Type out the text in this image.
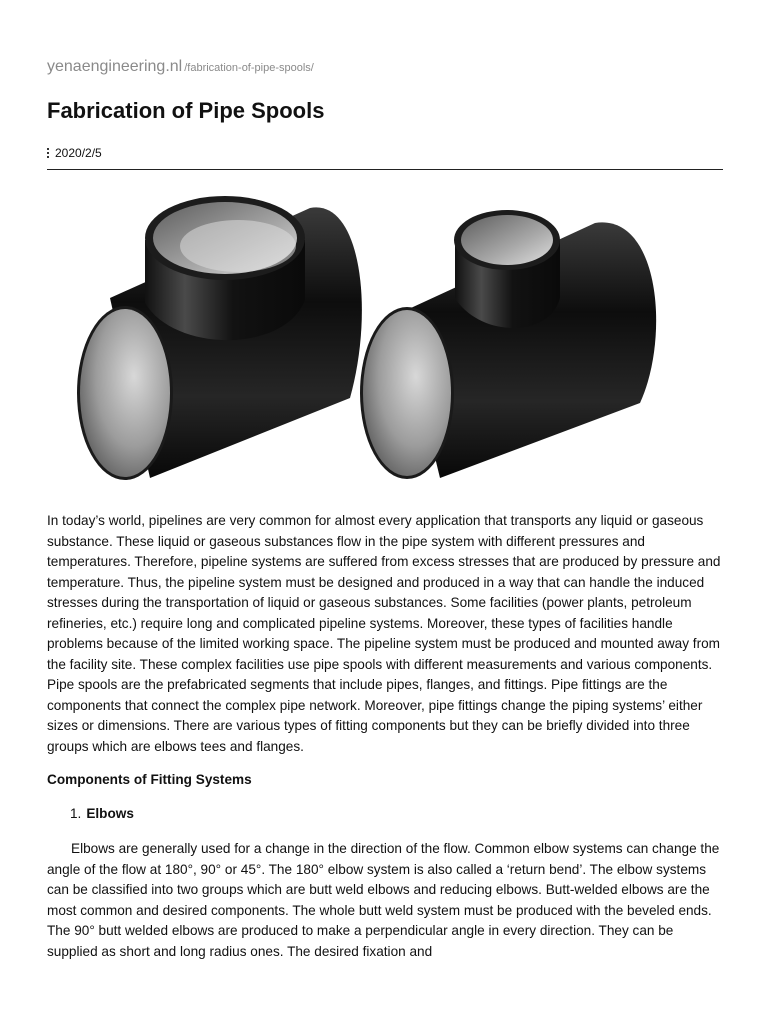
yenaengineering.nl /fabrication-of-pipe-spools/
Fabrication of Pipe Spools
2020/2/5

In today’s world, pipelines are very common for almost every application that transports any liquid or gaseous substance. These liquid or gaseous substances flow in the pipe system with different pressures and temperatures. Therefore, pipeline systems are suffered from excess stresses that are produced by pressure and temperature. Thus, the pipeline system must be designed and produced in a way that can handle the induced stresses during the transportation of liquid or gaseous substances. Some facilities (power plants, petroleum refineries, etc.) require long and complicated pipeline systems. Moreover, these types of facilities handle problems because of the limited working space. The pipeline system must be produced and mounted away from the facility site. These complex facilities use pipe spools with different measurements and various components. Pipe spools are the prefabricated segments that include pipes, flanges, and fittings. Pipe fittings are the components that connect the complex pipe network. Moreover, pipe fittings change the piping systems’ either sizes or dimensions. There are various types of fitting components but they can be briefly divided into three groups which are elbows tees and flanges.

Components of Fitting Systems
1. Elbows

Elbows are generally used for a change in the direction of the flow. Common elbow systems can change the angle of the flow at 180°, 90° or 45°. The 180° elbow system is also called a ‘return bend’. The elbow systems can be classified into two groups which are butt weld elbows and reducing elbows. Butt-welded elbows are the most common and desired components. The whole butt weld system must be produced with the beveled ends. The 90° butt welded elbows are produced to make a perpendicular angle in every direction. They can be supplied as short and long radius ones. The desired fixation and
